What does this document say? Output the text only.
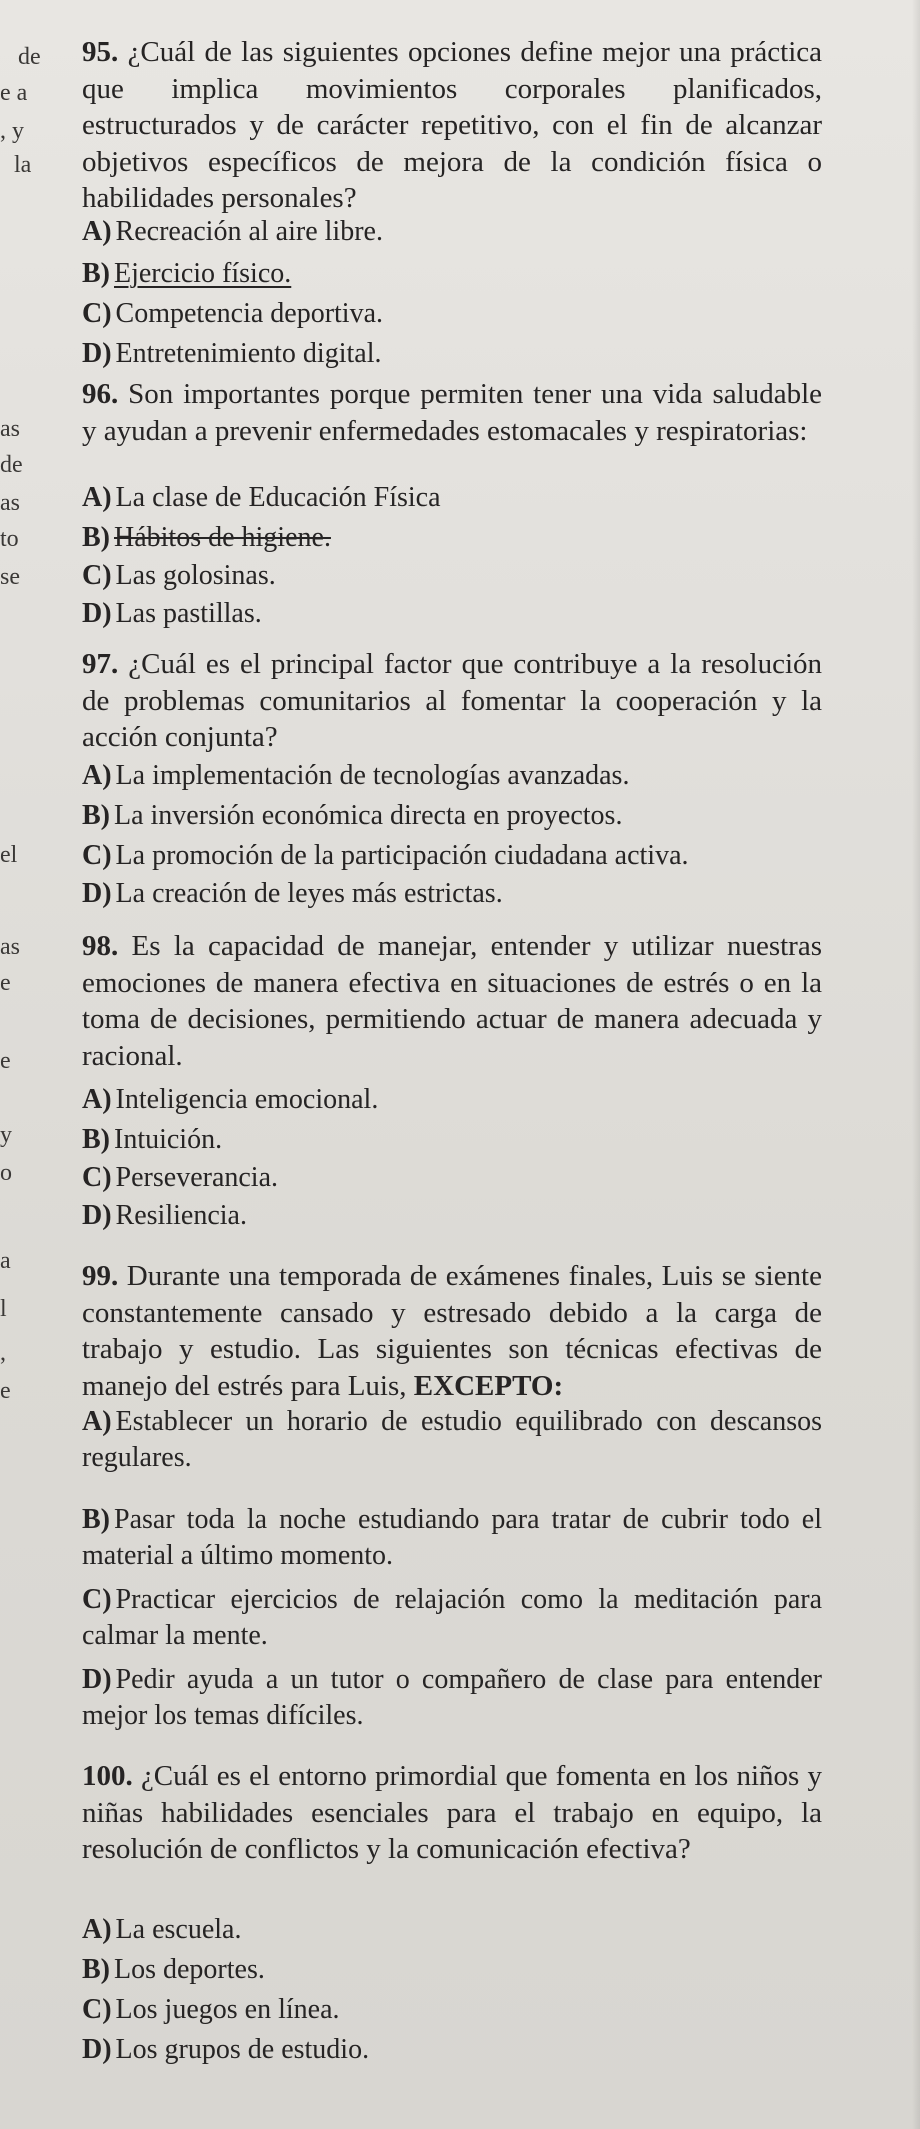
de
e a
, y
la
as
de
as
to
se
el
as
e
e
y
o
a
l
,
e
95. ¿Cuál de las siguientes opciones define mejor una práctica que implica movimientos corporales planificados, estructurados y de carácter repetitivo, con el fin de alcanzar objetivos específicos de mejora de la condición física o habilidades personales?
A) Recreación al aire libre.
B) Ejercicio físico.
C) Competencia deportiva.
D) Entretenimiento digital.
96. Son importantes porque permiten tener una vida saludable y ayudan a prevenir enfermedades estomacales y respiratorias:
A) La clase de Educación Física
B) Hábitos de higiene.
C) Las golosinas.
D) Las pastillas.
97. ¿Cuál es el principal factor que contribuye a la resolución de problemas comunitarios al fomentar la cooperación y la acción conjunta?
A) La implementación de tecnologías avanzadas.
B) La inversión económica directa en proyectos.
C) La promoción de la participación ciudadana activa.
D) La creación de leyes más estrictas.
98. Es la capacidad de manejar, entender y utilizar nuestras emociones de manera efectiva en situaciones de estrés o en la toma de decisiones, permitiendo actuar de manera adecuada y racional.
A) Inteligencia emocional.
B) Intuición.
C) Perseverancia.
D) Resiliencia.
99. Durante una temporada de exámenes finales, Luis se siente constantemente cansado y estresado debido a la carga de trabajo y estudio. Las siguientes son técnicas efectivas de manejo del estrés para Luis, EXCEPTO:
A) Establecer un horario de estudio equilibrado con descansos regulares.
B) Pasar toda la noche estudiando para tratar de cubrir todo el material a último momento.
C) Practicar ejercicios de relajación como la meditación para calmar la mente.
D) Pedir ayuda a un tutor o compañero de clase para entender mejor los temas difíciles.
100. ¿Cuál es el entorno primordial que fomenta en los niños y niñas habilidades esenciales para el trabajo en equipo, la resolución de conflictos y la comunicación efectiva?
A) La escuela.
B) Los deportes.
C) Los juegos en línea.
D) Los grupos de estudio.
